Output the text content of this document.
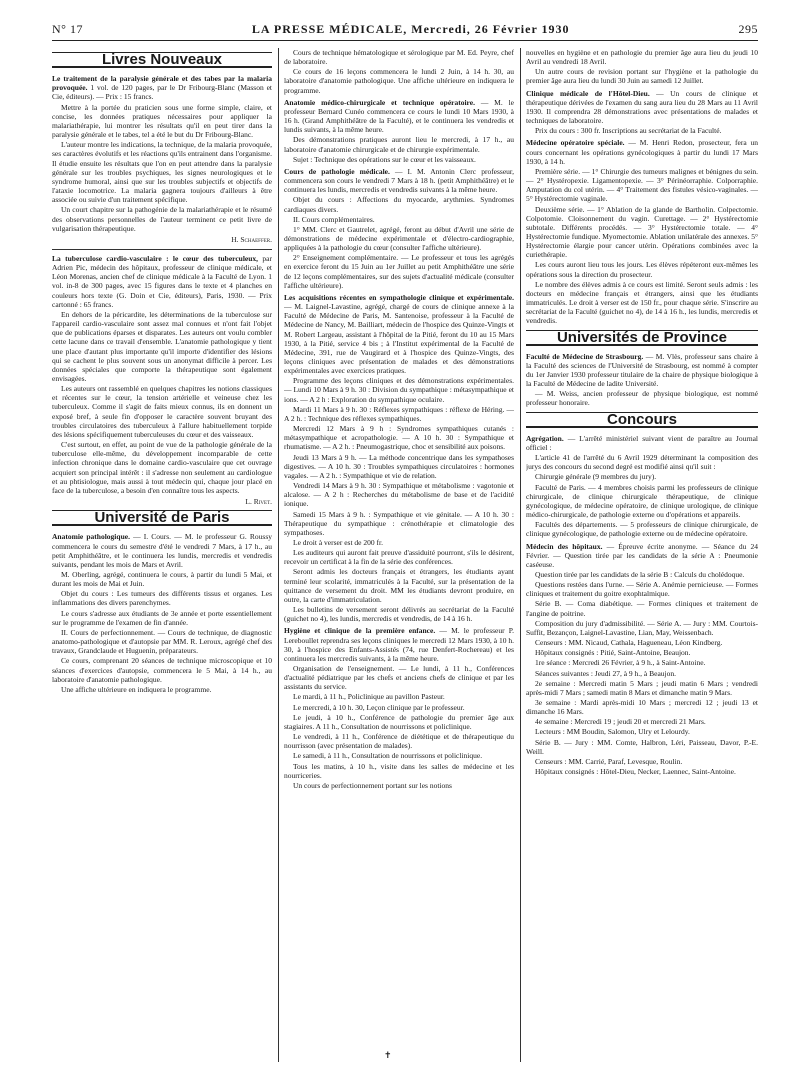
N° 17	LA PRESSE MÉDICALE, Mercredi, 26 Février 1930	295
Livres Nouveaux

Le traitement de la paralysie générale et des tabes par la malaria provoquée. 1 vol. de 120 pages, par le Dr Fribourg-Blanc (Masson et Cie, éditeurs). — Prix : 15 francs.

Mettre à la portée du praticien sous une forme simple, claire, et concise, les données pratiques nécessaires pour appliquer la malariathérapie, lui montrer les résultats qu'il en peut tirer dans la paralysie générale et le tabes, tel a été le but du Dr Fribourg-Blanc.

L'auteur montre les indications, la technique, de la malaria provoquée, ses caractères évolutifs et les réactions qu'ils entrainent dans l'organisme. Il étudie ensuite les résultats que l'on en peut attendre dans la paralysie générale sur les troubles psychiques, les signes neurologiques et le syndrome humoral, ainsi que sur les troubles subjectifs et objectifs de l'ataxie locomotrice. La malaria gagnera toujours d'ailleurs à être associée ou suivie d'un traitement spécifique.

Un court chapitre sur la pathogénie de la malariathérapie et le résumé des observations personnelles de l'auteur terminent ce petit livre de vulgarisation thérapeutique.

H. Schaeffer.

La tuberculose cardio-vasculaire : le cœur des tuberculeux, par Adrien Pic, médecin des hôpitaux, professeur de clinique médicale, et Léon Morenas, ancien chef de clinique médicale à la Faculté de Lyon. 1 vol. in-8 de 300 pages, avec 15 figures dans le texte et 4 planches en couleurs hors texte (G. Doin et Cie, éditeurs), Paris, 1930. — Prix cartonné : 65 francs.

En dehors de la péricardite, les déterminations de la tuberculose sur l'appareil cardio-vasculaire sont assez mal connues et n'ont fait l'objet que de publications éparses et disparates. Les auteurs ont voulu combler cette lacune dans ce travail d'ensemble. L'anatomie pathologique y tient une place d'autant plus importante qu'il importe d'identifier des lésions qui se cachent le plus souvent sous un anonymat difficile à percer. Les données spéciales que comporte la thérapeutique sont également envisagées.

Les auteurs ont rassemblé en quelques chapitres les notions classiques et récentes sur le cœur, la tension artérielle et veineuse chez les tuberculeux. Comme il s'agit de faits mieux connus, ils en donnent un exposé bref, à seule fin d'opposer le caractère souvent bruyant des troubles circulatoires des tuberculeux à l'allure habituellement torpide des lésions spécifiquement tuberculeuses du cœur et des vaisseaux.

C'est surtout, en effet, au point de vue de la pathologie générale de la tuberculose elle-même, du développement incomparable de cette infection chronique dans le domaine cardio-vasculaire que cet ouvrage acquiert son principal intérêt : il s'adresse non seulement au cardiologue et au phtisiologue, mais aussi à tout médecin qui, chaque jour placé en face de la tuberculose, a besoin d'en connaître tous les aspects.

L. Rivet.

Université de Paris

Anatomie pathologique. — I. Cours. — M. le professeur G. Roussy commencera le cours du semestre d'été le vendredi 7 Mars, à 17 h., au petit Amphithéâtre, et le continuera les lundis, mercredis et vendredis suivants, pendant les mois de Mars et Avril.

M. Oberling, agrégé, continuera le cours, à partir du lundi 5 Mai, et durant les mois de Mai et Juin.

Objet du cours : Les tumeurs des différents tissus et organes. Les inflammations des divers parenchymes.

Le cours s'adresse aux étudiants de 3e année et porte essentiellement sur le programme de l'examen de fin d'année.

II. Cours de perfectionnement. — Cours de technique, de diagnostic anatomo-pathologique et d'autopsie par MM. R. Leroux, agrégé chef des travaux, Grandclaude et Huguenin, préparateurs.

Ce cours, comprenant 20 séances de technique microscopique et 10 séances d'exercices d'autopsie, commencera le 5 Mai, à 14 h., au laboratoire d'anatomie pathologique.

Une affiche ultérieure en indiquera le programme.

Cours de technique hématologique et sérologique par M. Ed. Peyre, chef de laboratoire.

Ce cours de 16 leçons commencera le lundi 2 Juin, à 14 h. 30, au laboratoire d'anatomie pathologique. Une affiche ultérieure en indiquera le programme.

Anatomie médico-chirurgicale et technique opératoire. — M. le professeur Bernard Cunéo commencera ce cours le lundi 10 Mars 1930, à 16 h. (Grand Amphithéâtre de la Faculté), et le continuera les vendredis et lundis suivants, à la même heure.

Des démonstrations pratiques auront lieu le mercredi, à 17 h., au laboratoire d'anatomie chirurgicale et de chirurgie expérimentale.

Sujet : Technique des opérations sur le cœur et les vaisseaux.

Cours de pathologie médicale. — I. M. Antonin Clerc professeur, commencera son cours le vendredi 7 Mars à 18 h. (petit Amphithéâtre) et le continuera les lundis, mercredis et vendredis suivants à la même heure.

Objet du cours : Affections du myocarde, arythmies. Syndromes cardiaques divers.

II. Cours complémentaires.

1° MM. Clerc et Gautrelet, agrégé, feront au début d'Avril une série de démonstrations de médecine expérimentale et d'électro-cardiographie, appliquées à la pathologie du cœur (consulter l'affiche ultérieure).

2° Enseignement complémentaire. — Le professeur et tous les agrégés en exercice feront du 15 Juin au 1er Juillet au petit Amphithéâtre une série de 12 leçons complémentaires, sur des sujets d'actualité médicale (consulter l'affiche ultérieure).

Les acquisitions récentes en sympathologie clinique et expérimentale. — M. Laignel-Lavastine, agrégé, chargé de cours de clinique annexe à la Faculté de Médecine de Paris, M. Santenoise, professeur à la Faculté de Médecine de Nancy, M. Bailliart, médecin de l'hospice des Quinze-Vingts et M. Robert Largeau, assistant à l'hôpital de la Pitié, feront du 10 au 15 Mars 1930, à la Pitié, service 4 bis ; à l'Institut expérimental de la Faculté de Médecine, 391, rue de Vaugirard et à l'hospice des Quinze-Vingts, des leçons cliniques avec présentation de malades et des démonstrations expérimentales avec exercices pratiques.

Programme des leçons cliniques et des démonstrations expérimentales. — Lundi 10 Mars à 9 h. 30 : Division du sympathique : métasympathique et ions. — A 2 h : Exploration du sympathique oculaire.

Mardi 11 Mars à 9 h. 30 : Réflexes sympathiques : réflexe de Héring. — A 2 h. : Technique des réflexes sympathiques.

Mercredi 12 Mars à 9 h : Syndromes sympathiques cutanés : métasympathique et acropathologie. — A 10 h. 30 : Sympathique et rhumatisme. — A 2 h. : Pneumogastrique, choc et sensibilité aux poisons.

Jeudi 13 Mars à 9 h. — La méthode concentrique dans les sympathoses digestives. — A 10 h. 30 : Troubles sympathiques circulatoires : hormones vagales. — A 2 h. : Sympathique et vie de relation.

Vendredi 14 Mars à 9 h. 30 : Sympathique et métabolisme : vagotonie et alcalose. — A 2 h : Recherches du métabolisme de base et de l'acidité ionique.

Samedi 15 Mars à 9 h. : Sympathique et vie génitale. — A 10 h. 30 : Thérapeutique du sympathique : crénothérapie et climatologie des sympathoses.

Le droit à verser est de 200 fr.

Les auditeurs qui auront fait preuve d'assiduité pourront, s'ils le désirent, recevoir un certificat à la fin de la série des conférences.

Seront admis les docteurs français et étrangers, les étudiants ayant terminé leur scolarité, immatriculés à la Faculté, sur la présentation de la quittance de versement du droit. MM les étudiants devront produire, en outre, la carte d'immatriculation.

Les bulletins de versement seront délivrés au secrétariat de la Faculté (guichet no 4), les lundis, mercredis et vendredis, de 14 à 16 h.

Hygiène et clinique de la première enfance. — M. le professeur P. Lereboullet reprendra ses leçons cliniques le mercredi 12 Mars 1930, à 10 h. 30, à l'hospice des Enfants-Assistés (74, rue Denfert-Rochereau) et les continuera les mercredis suivants, à la même heure.

Organisation de l'enseignement. — Le lundi, à 11 h., Conférences d'actualité pédiatrique par les chefs et anciens chefs de clinique et par les assistants du service.

Le mardi, à 11 h., Policlinique au pavillon Pasteur.

Le mercredi, à 10 h. 30, Leçon clinique par le professeur.

Le jeudi, à 10 h., Conférence de pathologie du premier âge aux stagiaires. A 11 h., Consultation de nourrissons et policlinique.

Le vendredi, à 11 h., Conférence de diététique et de thérapeutique du nourrisson (avec présentation de malades).

Le samedi, à 11 h., Consultation de nourrissons et policlinique.

Tous les matins, à 10 h., visite dans les salles de médecine et les nourriceries.

Un cours de perfectionnement portant sur les notions

nouvelles en hygiène et en pathologie du premier âge aura lieu du jeudi 10 Avril au vendredi 18 Avril.

Un autre cours de revision portant sur l'hygiène et la pathologie du premier âge aura lieu du lundi 30 Juin au samedi 12 Juillet.

Clinique médicale de l'Hôtel-Dieu. — Un cours de clinique et thérapeutique dérivées de l'examen du sang aura lieu du 28 Mars au 11 Avril 1930. Il comprendra 28 démonstrations avec présentations de malades et techniques de laboratoire.

Prix du cours : 300 fr. Inscriptions au secrétariat de la Faculté.

Médecine opératoire spéciale. — M. Henri Redon, prosecteur, fera un cours concernant les opérations gynécologiques à partir du lundi 17 Mars 1930, à 14 h.

Première série. — 1° Chirurgie des tumeurs malignes et bénignes du sein. — 2° Hystéropexie. Ligamentopexie. — 3° Périnéorraphie. Colporraphie. Amputation du col utérin. — 4° Traitement des fistules vésico-vaginales. — 5° Hystérectomie vaginale.

Deuxième série. — 1° Ablation de la glande de Bartholin. Colpectomie. Colpotomie. Cloisonnement du vagin. Curettage. — 2° Hystérectomie subtotale. Différents procédés. — 3° Hystérectomie totale. — 4° Hystérectomie fundique. Myomectomie. Ablation unilatérale des annexes. 5° Hystérectomie élargie pour cancer utérin. Opérations combinées avec la curiethérapie.

Les cours auront lieu tous les jours. Les élèves répéteront eux-mêmes les opérations sous la direction du prosecteur.

Le nombre des élèves admis à ce cours est limité. Seront seuls admis : les docteurs en médecine français et étrangers, ainsi que les étudiants immatriculés. Le droit à verser est de 150 fr., pour chaque série. S'inscrire au secrétariat de la Faculté (guichet no 4), de 14 à 16 h., les lundis, mercredis et vendredis.

Universités de Province

Faculté de Médecine de Strasbourg. — M. Vlès, professeur sans chaire à la Faculté des sciences de l'Université de Strasbourg, est nommé à compter du 1er Janvier 1930 professeur titulaire de la chaire de physique biologique à la Faculté de Médecine de ladite Université.

— M. Weiss, ancien professeur de physique biologique, est nommé professeur honoraire.

Concours

Agrégation. — L'arrêté ministériel suivant vient de paraître au Journal officiel :

L'article 41 de l'arrêté du 6 Avril 1929 déterminant la composition des jurys des concours du second degré est modifié ainsi qu'il suit :

Chirurgie générale (9 membres du jury).

Faculté de Paris. — 4 membres choisis parmi les professeurs de clinique chirurgicale, de clinique chirurgicale thérapeutique, de clinique gynécologique, de médecine opératoire, de clinique urologique, de clinique médico-chirurgicale, de pathologie externe ou d'opérations et appareils.

Facultés des départements. — 5 professeurs de clinique chirurgicale, de clinique gynécologique, de pathologie externe ou de médecine opératoire.

Médecin des hôpitaux. — Épreuve écrite anonyme. — Séance du 24 Février. — Question tirée par les candidats de la série A : Pneumonie caséeuse.

Question tirée par les candidats de la série B : Calculs du cholédoque.

Questions restées dans l'urne. — Série A. Anémie pernicieuse. — Formes cliniques et traitement du goitre exophtalmique.

Série B. — Coma diabétique. — Formes cliniques et traitement de l'angine de poitrine.

Composition du jury d'admissibilité. — Série A. — Jury : MM. Courtois-Suffit, Bezançon, Laignel-Lavastine, Lian, May, Weissenbach.

Censeurs : MM. Nicaud, Cathala, Hagueneau, Léon Kindberg.

Hôpitaux consignés : Pitié, Saint-Antoine, Beaujon.

1re séance : Mercredi 26 Février, à 9 h., à Saint-Antoine.

Séances suivantes : Jeudi 27, à 9 h., à Beaujon.

2e semaine : Mercredi matin 5 Mars ; jeudi matin 6 Mars ; vendredi après-midi 7 Mars ; samedi matin 8 Mars et dimanche matin 9 Mars.

3e semaine : Mardi après-midi 10 Mars ; mercredi 12 ; jeudi 13 et dimanche 16 Mars.

4e semaine : Mercredi 19 ; jeudi 20 et mercredi 21 Mars.

Lecteurs : MM Boudin, Salomon, Ulry et Lelourdy.

Série B. — Jury : MM. Comte, Halbron, Léri, Paisseau, Davor, P.-E. Weill.

Censeurs : MM. Carrié, Paraf, Levesque, Roulin.

Hôpitaux consignés : Hôtel-Dieu, Necker, Laennec, Saint-Antoine.

✝
